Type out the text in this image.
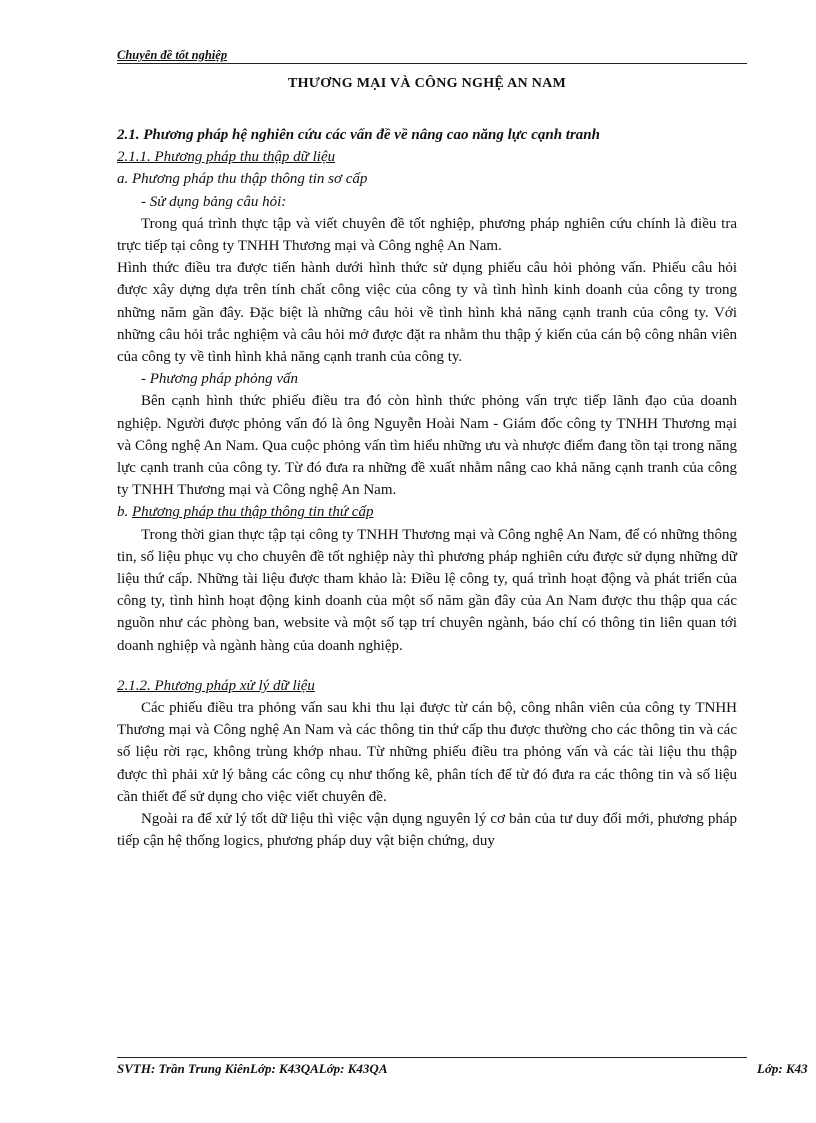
Chuyên đề tốt nghiệp
THƯƠNG MẠI VÀ CÔNG NGHỆ AN NAM

2.1. Phương pháp hệ nghiên cứu các vấn đề về nâng cao năng lực cạnh tranh

2.1.1. Phương pháp thu thập dữ liệu

a. Phương pháp thu thập thông tin sơ cấp

- Sử dụng bảng câu hỏi:

Trong quá trình thực tập và viết chuyên đề tốt nghiệp, phương pháp nghiên cứu chính là điều tra trực tiếp tại công ty TNHH Thương mại và Công nghệ An Nam.

Hình thức điều tra được tiến hành dưới hình thức sử dụng phiếu câu hỏi phỏng vấn. Phiếu câu hỏi được xây dựng dựa trên tính chất công việc của công ty và tình hình kinh doanh của công ty trong những năm gần đây. Đặc biệt là những câu hỏi về tình hình khả năng cạnh tranh của công ty. Với những câu hỏi trắc nghiệm và câu hỏi mở được đặt ra nhằm thu thập ý kiến của cán bộ công nhân viên của công ty về tình hình khả năng cạnh tranh của công ty.

- Phương pháp phỏng vấn

Bên cạnh hình thức phiếu điều tra đó còn hình thức phỏng vấn trực tiếp lãnh đạo của doanh nghiệp. Người được phỏng vấn đó là ông Nguyễn Hoài Nam - Giám đốc công ty TNHH Thương mại và Công nghệ An Nam. Qua cuộc phỏng vấn tìm hiểu những ưu và nhược điểm đang tồn tại trong năng lực cạnh tranh của công ty. Từ đó đưa ra những đề xuất nhằm nâng cao khả năng cạnh tranh của công ty TNHH Thương mại và Công nghệ An Nam.

b. Phương pháp thu thập thông tin thứ cấp

Trong thời gian thực tập tại công ty TNHH Thương mại và Công nghệ An Nam, để có những thông tin, số liệu phục vụ cho chuyên đề tốt nghiệp này thì phương pháp nghiên cứu được sử dụng những dữ liệu thứ cấp. Những tài liệu được tham khảo là: Điều lệ công ty, quá trình hoạt động và phát triển của công ty, tình hình hoạt động kinh doanh của một số năm gần đây của An Nam được thu thập qua các nguồn như các phòng ban, website và một số tạp trí chuyên ngành, báo chí có thông tin liên quan tới doanh nghiệp và ngành hàng của doanh nghiệp.

2.1.2. Phương pháp xử lý dữ liệu

Các phiếu điều tra phỏng vấn sau khi thu lại được từ cán bộ, công nhân viên của công ty TNHH Thương mại và Công nghệ An Nam và các thông tin thứ cấp thu được thường cho các thông tin và các số liệu rời rạc, không trùng khớp nhau. Từ những phiếu điều tra phỏng vấn và các tài liệu thu thập được thì phải xử lý bằng các công cụ như thống kê, phân tích để từ đó đưa ra các thông tin và số liệu cần thiết để sử dụng cho việc viết chuyên đề.

Ngoài ra để xử lý tốt dữ liệu thì việc vận dụng nguyên lý cơ bản của tư duy đổi mới, phương pháp tiếp cận hệ thống logics, phương pháp duy vật biện chứng, duy

SVTH: Trần Trung KiênLớp: K43QALớp: K43QA	Lớp: K43
